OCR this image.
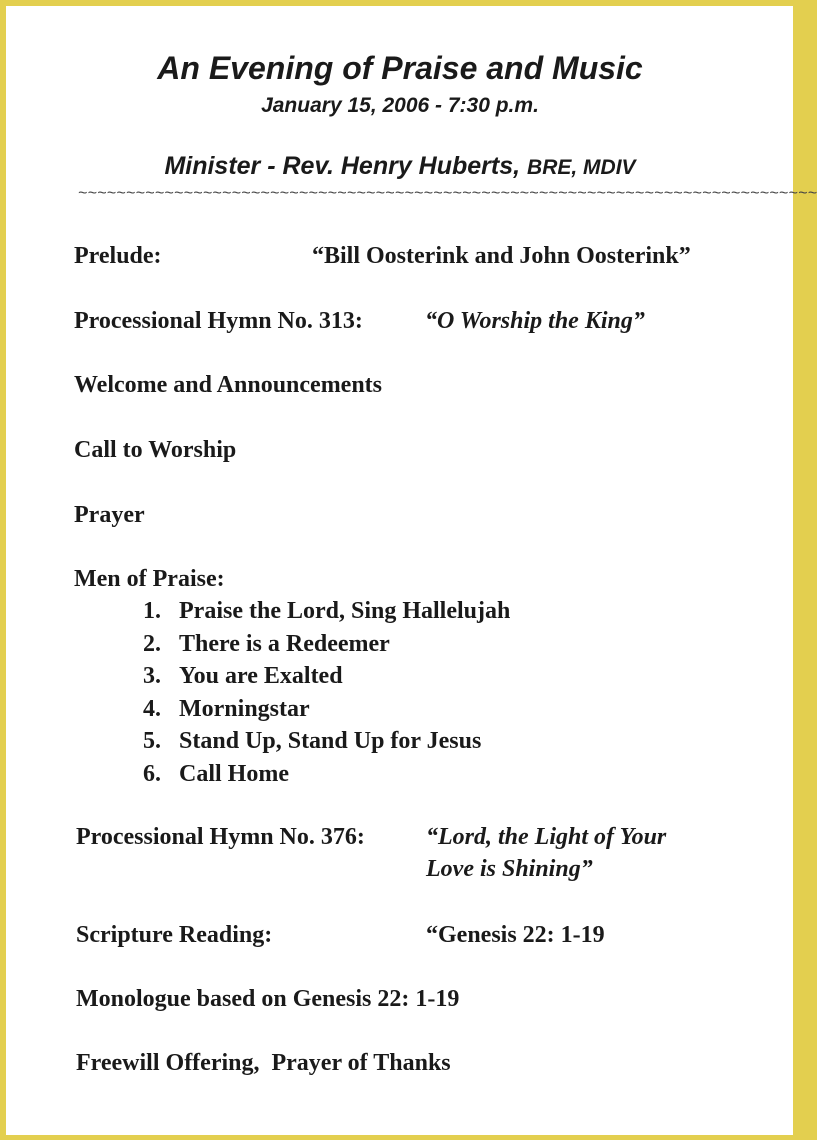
An Evening of Praise and Music
January 15, 2006 - 7:30 p.m.
Minister - Rev. Henry Huberts, BRE, MDIV
~~~~~~~~~~~~~~~~~~~~~~~~~~~~~~~~~~~~~~~~~~~~~~~~~~~~~~~~~~~~~~~~~~~~~~~~~~~~~
Prelude:	“Bill Oosterink and John Oosterink”
Processional Hymn No. 313:	“O Worship the King”
Welcome and Announcements
Call to Worship
Prayer
Men of Praise:
1. Praise the Lord, Sing Hallelujah
2. There is a Redeemer
3. You are Exalted
4. Morningstar
5. Stand Up, Stand Up for Jesus
6. Call Home
Processional Hymn No. 376:	“Lord, the Light of Your
Love is Shining”
Scripture Reading:	“Genesis 22: 1-19
Monologue based on Genesis 22: 1-19
Freewill Offering,  Prayer of Thanks
